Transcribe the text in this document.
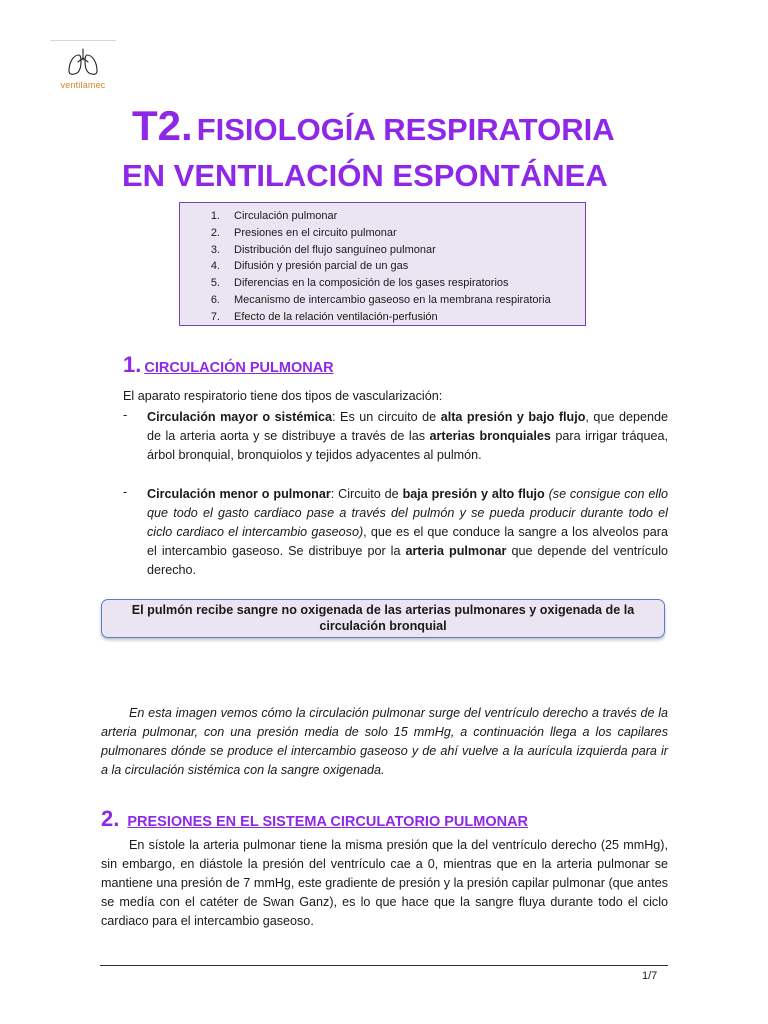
ventilamec
T2. FISIOLOGÍA RESPIRATORIA
EN VENTILACIÓN ESPONTÁNEA
1. Circulación pulmonar
2. Presiones en el circuito pulmonar
3. Distribución del flujo sanguíneo pulmonar
4. Difusión y presión parcial de un gas
5. Diferencias en la composición de los gases respiratorios
6. Mecanismo de intercambio gaseoso en la membrana respiratoria
7. Efecto de la relación ventilación-perfusión
1. CIRCULACIÓN PULMONAR
El aparato respiratorio tiene dos tipos de vascularización:
- Circulación mayor o sistémica: Es un circuito de alta presión y bajo flujo, que depende de la arteria aorta y se distribuye a través de las arterias bronquiales para irrigar tráquea, árbol bronquial, bronquiolos y tejidos adyacentes al pulmón.
- Circulación menor o pulmonar: Circuito de baja presión y alto flujo (se consigue con ello que todo el gasto cardiaco pase a través del pulmón y se pueda producir durante todo el ciclo cardiaco el intercambio gaseoso), que es el que conduce la sangre a los alveolos para el intercambio gaseoso. Se distribuye por la arteria pulmonar que depende del ventrículo derecho.
El pulmón recibe sangre no oxigenada de las arterias pulmonares y oxigenada de la circulación bronquial
En esta imagen vemos cómo la circulación pulmonar surge del ventrículo derecho a través de la arteria pulmonar, con una presión media de solo 15 mmHg, a continuación llega a los capilares pulmonares dónde se produce el intercambio gaseoso y de ahí vuelve a la aurícula izquierda para ir a la circulación sistémica con la sangre oxigenada.
2. PRESIONES EN EL SISTEMA CIRCULATORIO PULMONAR
En sístole la arteria pulmonar tiene la misma presión que la del ventrículo derecho (25 mmHg), sin embargo, en diástole la presión del ventrículo cae a 0, mientras que en la arteria pulmonar se mantiene una presión de 7 mmHg, este gradiente de presión y la presión capilar pulmonar (que antes se medía con el catéter de Swan Ganz), es lo que hace que la sangre fluya durante todo el ciclo cardiaco para el intercambio gaseoso.
1/7
